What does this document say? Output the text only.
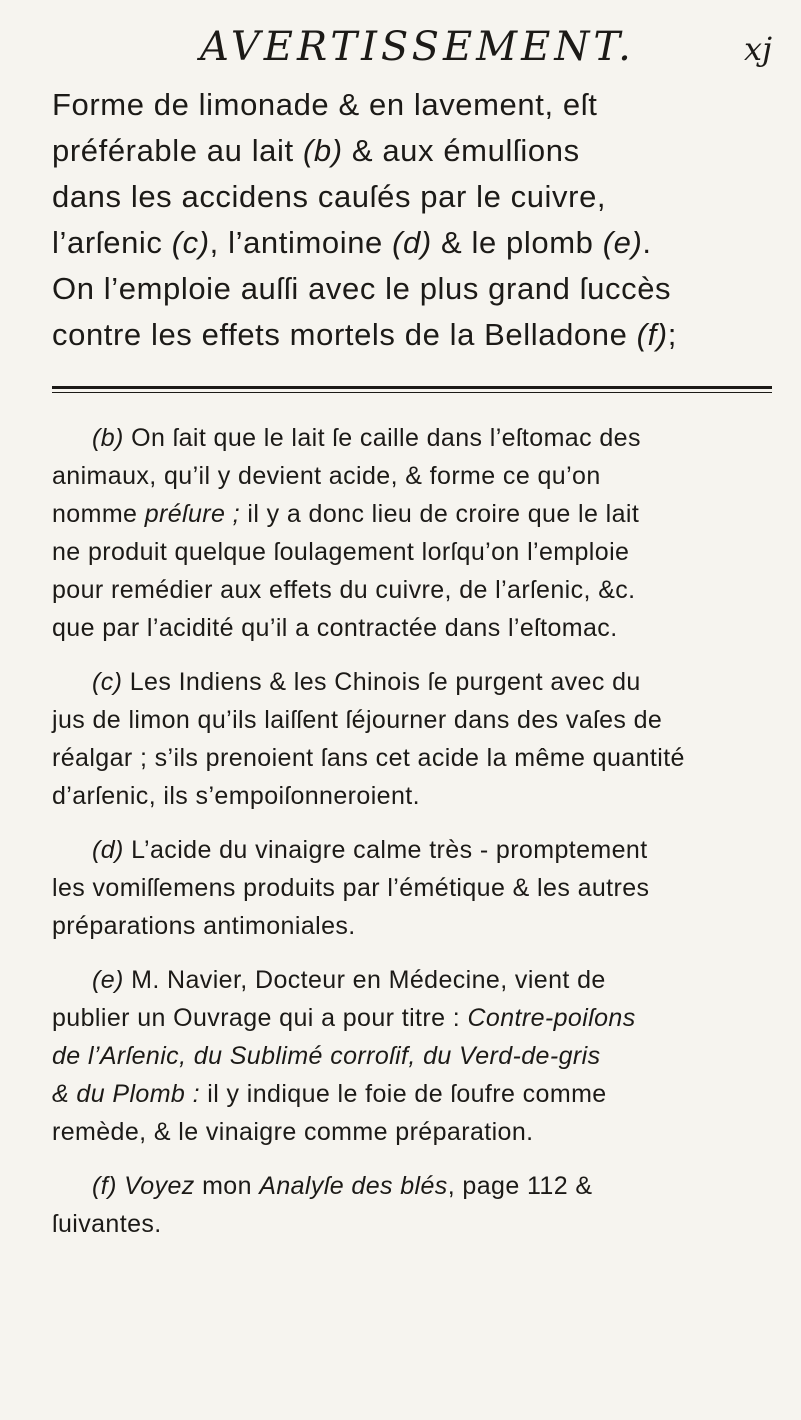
AVERTISSEMENT.	xj

Forme de limonade & en lavement, eſt
préférable au lait (b) & aux émulſions
dans les accidens cauſés par le cuivre,
l’arſenic (c), l’antimoine (d) & le plomb (e).
On l’emploie auſſi avec le plus grand ſuccès
contre les effets mortels de la Belladone (f);

(b) On ſait que le lait ſe caille dans l’eſtomac des
animaux, qu’il y devient acide, & forme ce qu’on
nomme préſure ; il y a donc lieu de croire que le lait
ne produit quelque ſoulagement lorſqu’on l’emploie
pour remédier aux effets du cuivre, de l’arſenic, &c.
que par l’acidité qu’il a contractée dans l’eſtomac.

(c) Les Indiens & les Chinois ſe purgent avec du
jus de limon qu’ils laiſſent ſéjourner dans des vaſes de
réalgar ; s’ils prenoient ſans cet acide la même quantité
d’arſenic, ils s’empoiſonneroient.

(d) L’acide du vinaigre calme très - promptement
les vomiſſemens produits par l’émétique & les autres
préparations antimoniales.

(e) M. Navier, Docteur en Médecine, vient de
publier un Ouvrage qui a pour titre : Contre-poiſons
de l’Arſenic, du Sublimé corroſif, du Verd-de-gris
& du Plomb : il y indique le foie de ſoufre comme
remède, & le vinaigre comme préparation.

(f) Voyez mon Analyſe des blés, page 112 &
ſuivantes.
